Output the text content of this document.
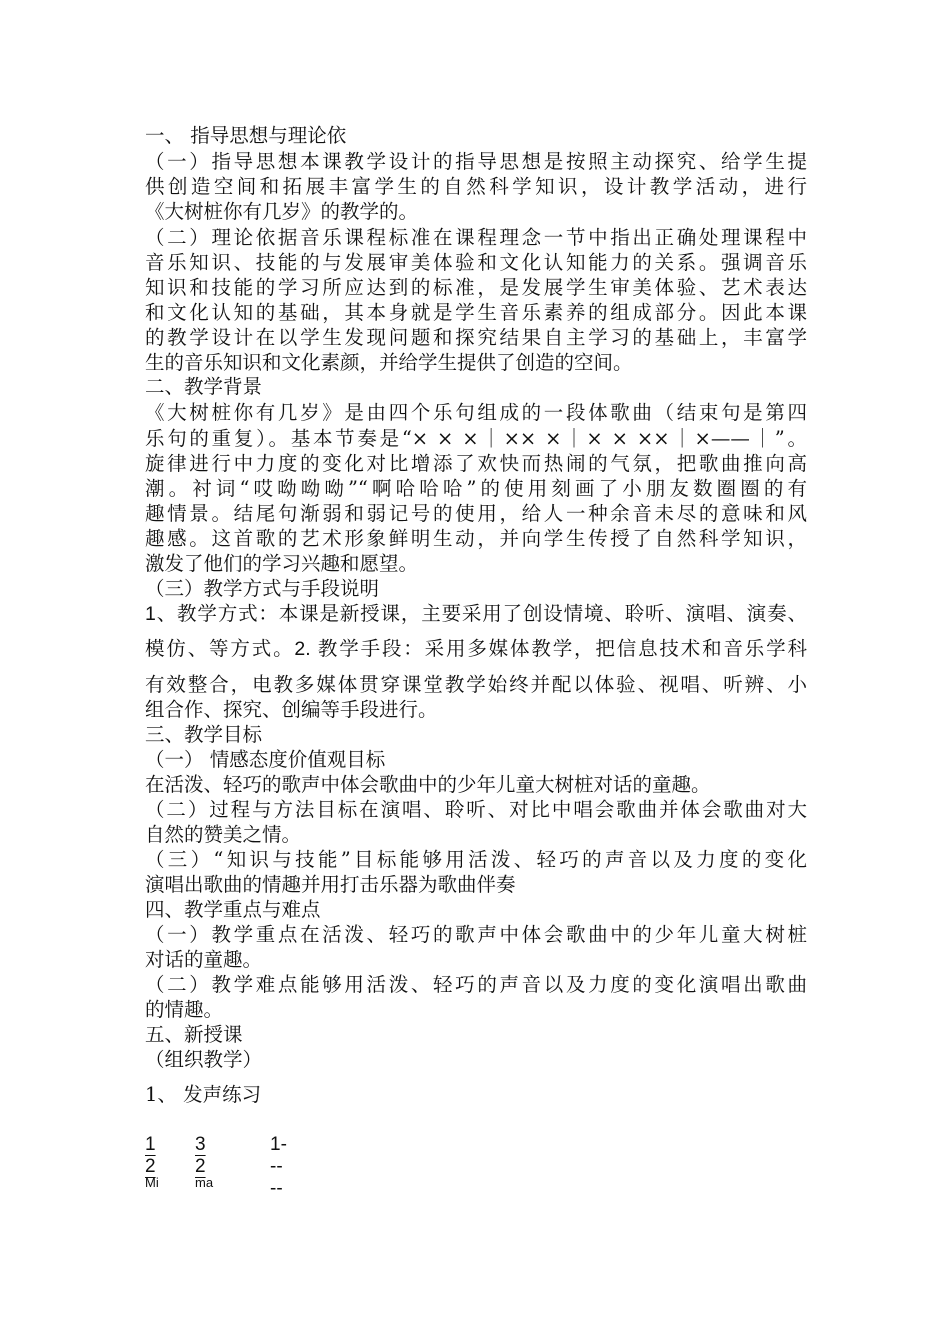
一、 指导思想与理论依
（一）指导思想本课教学设计的指导思想是按照主动探究、给学生提
供创造空间和拓展丰富学生的自然科学知识，设计教学活动，进行
《大树桩你有几岁》的教学的。
（二）理论依据音乐课程标准在课程理念一节中指出正确处理课程中
音乐知识、技能的与发展审美体验和文化认知能力的关系。强调音乐
知识和技能的学习所应达到的标准，是发展学生审美体验、艺术表达
和文化认知的基础，其本身就是学生音乐素养的组成部分。因此本课
的教学设计在以学生发现问题和探究结果自主学习的基础上，丰富学
生的音乐知识和文化素颜，并给学生提供了创造的空间。
二、教学背景
《大树桩你有几岁》是由四个乐句组成的一段体歌曲（结束句是第四
乐句的重复）。基本节奏是“× × ×｜×× ×｜× × ××｜×——｜”。
旋律进行中力度的变化对比增添了欢快而热闹的气氛，把歌曲推向高
潮。衬词“哎呦呦呦”“啊哈哈哈”的使用刻画了小朋友数圈圈的有
趣情景。结尾句渐弱和弱记号的使用，给人一种余音未尽的意味和风
趣感。这首歌的艺术形象鲜明生动，并向学生传授了自然科学知识，
激发了他们的学习兴趣和愿望。
（三）教学方式与手段说明
1、教学方式：本课是新授课，主要采用了创设情境、聆听、演唱、演奏、
模仿、等方式。2. 教学手段：采用多媒体教学，把信息技术和音乐学科
有效整合，电教多媒体贯穿课堂教学始终并配以体验、视唱、听辨、小
组合作、探究、创编等手段进行。
三、教学目标
（一） 情感态度价值观目标
在活泼、轻巧的歌声中体会歌曲中的少年儿童大树桩对话的童趣。
（二）过程与方法目标在演唱、聆听、对比中唱会歌曲并体会歌曲对大
自然的赞美之情。
（三）“知识与技能”目标能够用活泼、轻巧的声音以及力度的变化
演唱出歌曲的情趣并用打击乐器为歌曲伴奏
四、教学重点与难点
（一）教学重点在活泼、轻巧的歌声中体会歌曲中的少年儿童大树桩
对话的童趣。
（二）教学难点能够用活泼、轻巧的声音以及力度的变化演唱出歌曲
的情趣。
五、新授课
（组织教学）
1、 发声练习
1 2
3 2
1-----
Mi	ma
